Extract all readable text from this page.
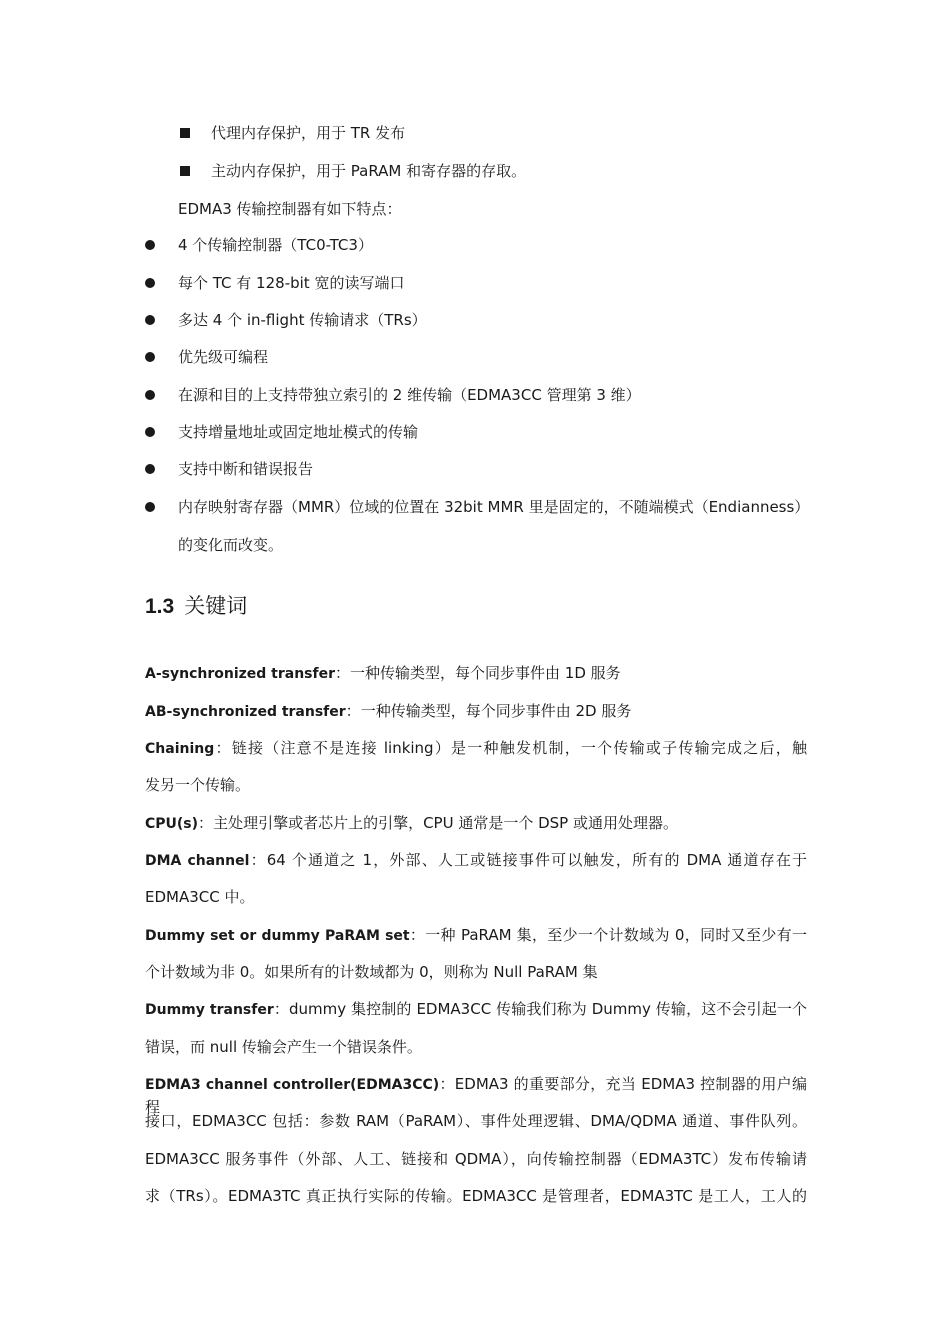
代理内存保护，用于 TR 发布
主动内存保护，用于 PaRAM 和寄存器的存取。
EDMA3 传输控制器有如下特点：
4 个传输控制器（TC0-TC3）
每个 TC 有 128-bit 宽的读写端口
多达 4 个 in-flight 传输请求（TRs）
优先级可编程
在源和目的上支持带独立索引的 2 维传输（EDMA3CC 管理第 3 维）
支持增量地址或固定地址模式的传输
支持中断和错误报告
内存映射寄存器（MMR）位域的位置在 32bit MMR 里是固定的，不随端模式（Endianness）
的变化而改变。
1.3 关键词
A-synchronized transfer：一种传输类型，每个同步事件由 1D 服务
AB-synchronized transfer：一种传输类型，每个同步事件由 2D 服务
Chaining：链接（注意不是连接 linking）是一种触发机制，一个传输或子传输完成之后，触
发另一个传输。
CPU(s)：主处理引擎或者芯片上的引擎，CPU 通常是一个 DSP 或通用处理器。
DMA channel：64 个通道之 1，外部、人工或链接事件可以触发，所有的 DMA 通道存在于
EDMA3CC 中。
Dummy set or dummy PaRAM set：一种 PaRAM 集，至少一个计数域为 0，同时又至少有一
个计数域为非 0。如果所有的计数域都为 0，则称为 Null PaRAM 集
Dummy transfer：dummy 集控制的 EDMA3CC 传输我们称为 Dummy 传输，这不会引起一个
错误，而 null 传输会产生一个错误条件。
EDMA3 channel controller(EDMA3CC)：EDMA3 的重要部分，充当 EDMA3 控制器的用户编程
接口，EDMA3CC 包括：参数 RAM（PaRAM）、事件处理逻辑、DMA/QDMA 通道、事件队列。
EDMA3CC 服务事件（外部、人工、链接和 QDMA），向传输控制器（EDMA3TC）发布传输请
求（TRs）。EDMA3TC 真正执行实际的传输。EDMA3CC 是管理者，EDMA3TC 是工人，工人的
